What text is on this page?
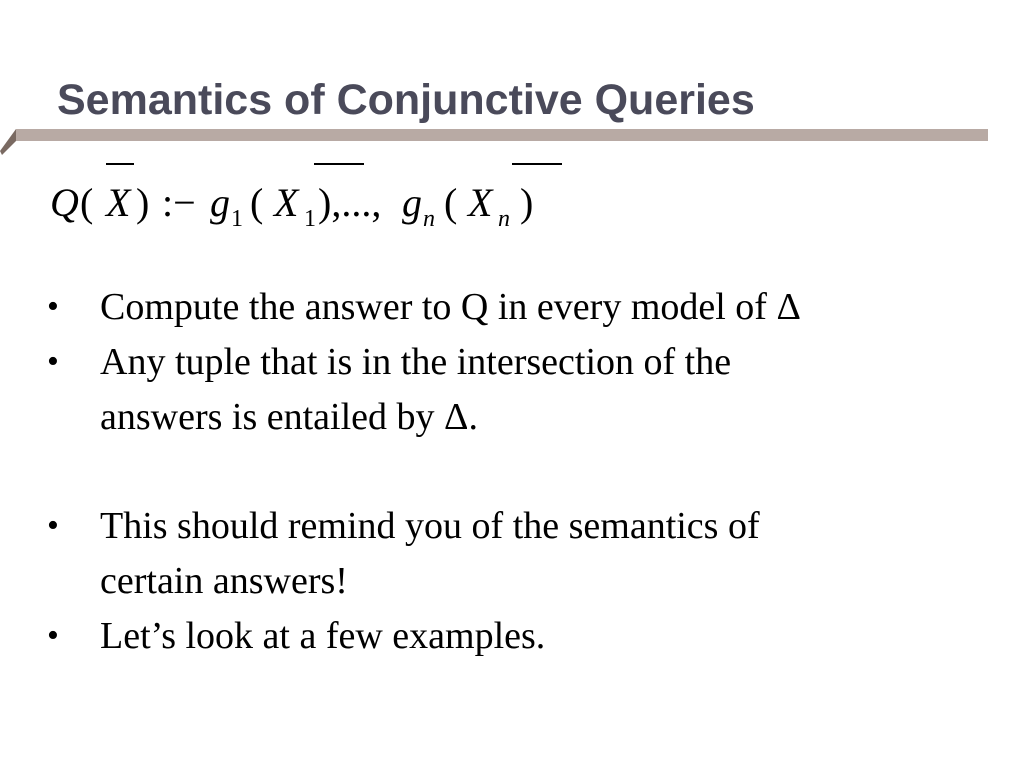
Semantics of Conjunctive Queries
Q ( X ) :− g 1 ( X 1 ),..., g n ( X n )
• Compute the answer to Q in every model of Δ
• Any tuple that is in the intersection of the
answers is entailed by Δ.
• This should remind you of the semantics of
certain answers!
• Let’s look at a few examples.
